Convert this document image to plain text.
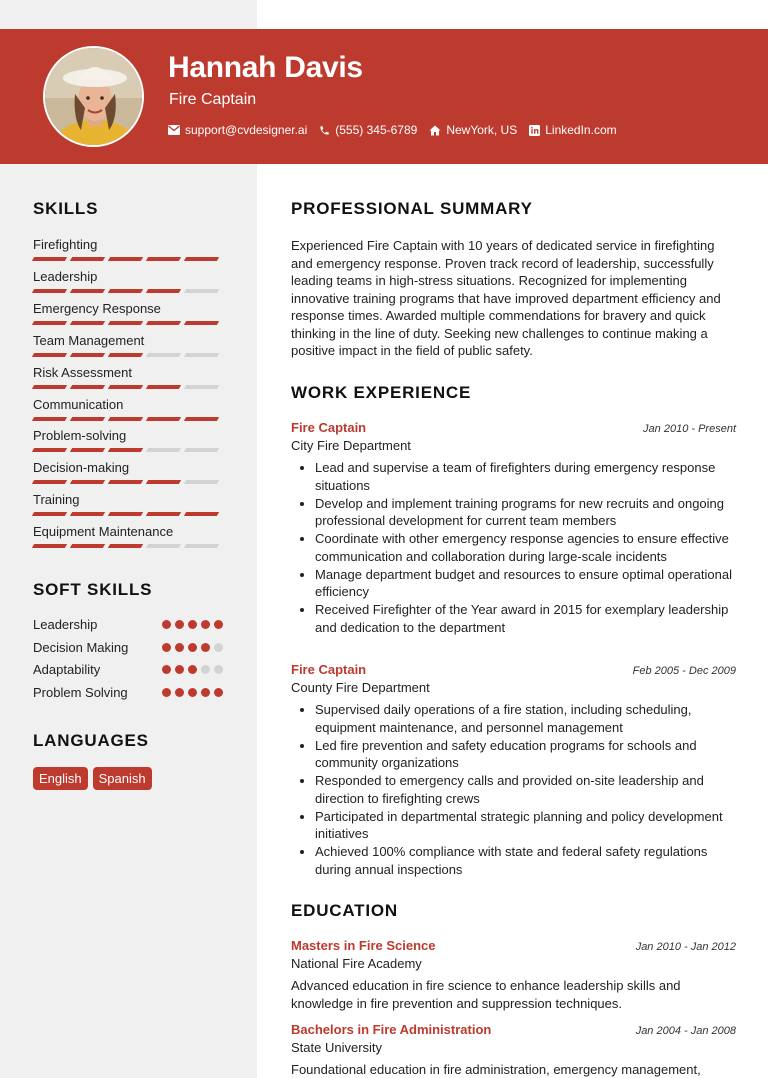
Hannah Davis
Fire Captain
support@cvdesigner.ai (555) 345-6789 NewYork, US LinkedIn.com
SKILLS
Firefighting
Leadership
Emergency Response
Team Management
Risk Assessment
Communication
Problem-solving
Decision-making
Training
Equipment Maintenance
SOFT SKILLS
Leadership
Decision Making
Adaptability
Problem Solving
LANGUAGES
English	Spanish
PROFESSIONAL SUMMARY
Experienced Fire Captain with 10 years of dedicated service in firefighting and emergency response. Proven track record of leadership, successfully leading teams in high-stress situations. Recognized for implementing innovative training programs that have improved department efficiency and response times. Awarded multiple commendations for bravery and quick thinking in the line of duty. Seeking new challenges to continue making a positive impact in the field of public safety.
WORK EXPERIENCE
Fire Captain	Jan 2010 - Present
City Fire Department
• Lead and supervise a team of firefighters during emergency response situations
• Develop and implement training programs for new recruits and ongoing professional development for current team members
• Coordinate with other emergency response agencies to ensure effective communication and collaboration during large-scale incidents
• Manage department budget and resources to ensure optimal operational efficiency
• Received Firefighter of the Year award in 2015 for exemplary leadership and dedication to the department
Fire Captain	Feb 2005 - Dec 2009
County Fire Department
• Supervised daily operations of a fire station, including scheduling, equipment maintenance, and personnel management
• Led fire prevention and safety education programs for schools and community organizations
• Responded to emergency calls and provided on-site leadership and direction to firefighting crews
• Participated in departmental strategic planning and policy development initiatives
• Achieved 100% compliance with state and federal safety regulations during annual inspections
EDUCATION
Masters in Fire Science	Jan 2010 - Jan 2012
National Fire Academy
Advanced education in fire science to enhance leadership skills and knowledge in fire prevention and suppression techniques.
Bachelors in Fire Administration	Jan 2004 - Jan 2008
State University
Foundational education in fire administration, emergency management,
